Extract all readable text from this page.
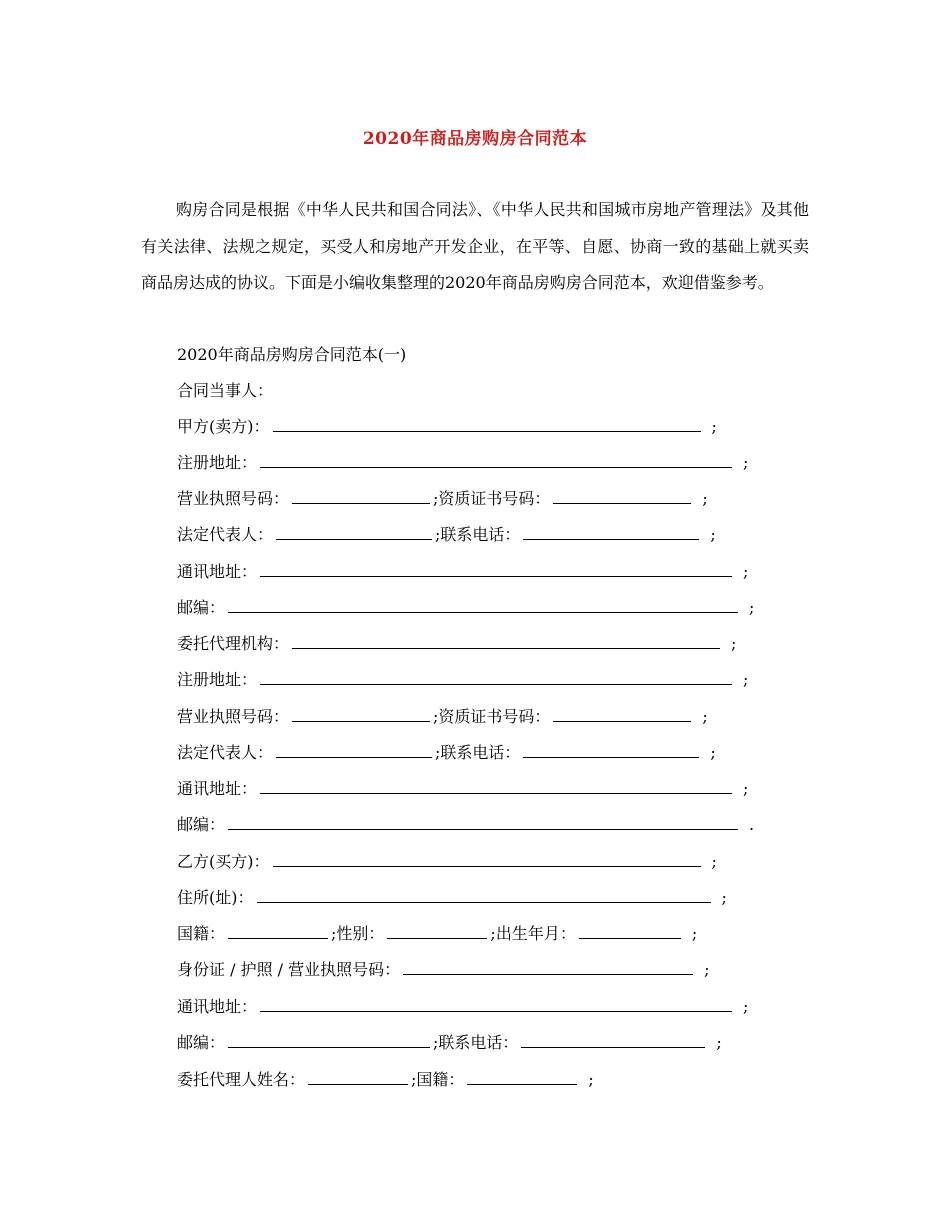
2020年商品房购房合同范本

购房合同是根据《中华人民共和国合同法》、《中华人民共和国城市房地产管理法》及其他有关法律、法规之规定，买受人和房地产开发企业，在平等、自愿、协商一致的基础上就买卖商品房达成的协议。下面是小编收集整理的2020年商品房购房合同范本，欢迎借鉴参考。

2020年商品房购房合同范本(一)
合同当事人：
甲方(卖方)：	;
注册地址：	;
营业执照号码：	;资质证书号码：	;
法定代表人：	;联系电话：	;
通讯地址：	;
邮编：	;
委托代理机构：	;
注册地址：	;
营业执照号码：	;资质证书号码：	;
法定代表人：	;联系电话：	;
通讯地址：	;
邮编：	.
乙方(买方)：	;
住所(址)：	;
国籍：	;性别：	;出生年月：	;
身份证 / 护照 / 营业执照号码：	;
通讯地址：	;
邮编：	;联系电话：	;
委托代理人姓名：	;国籍：	;
